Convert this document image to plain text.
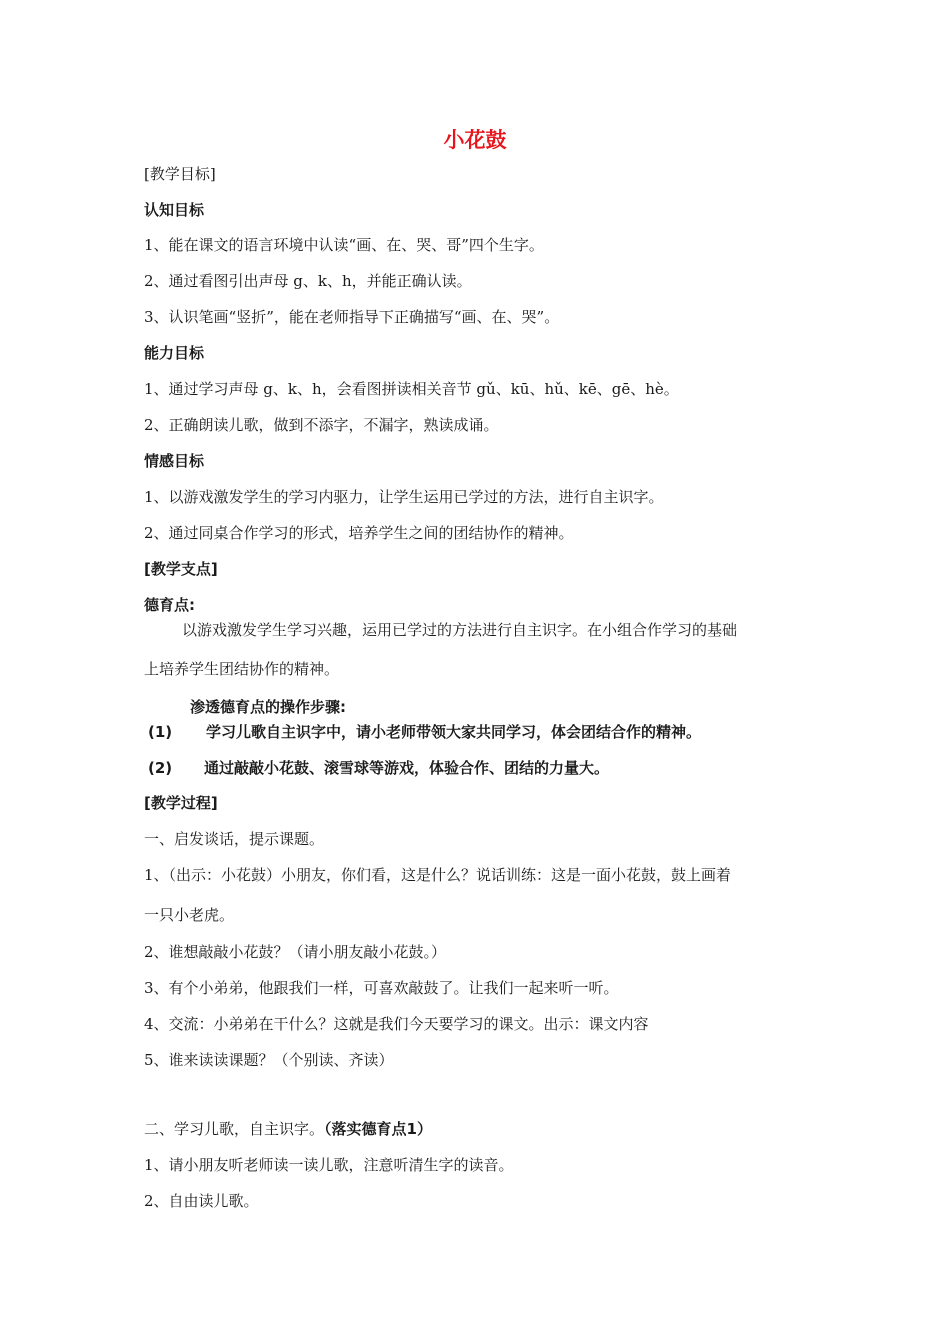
小花鼓
[教学目标]
认知目标
1、能在课文的语言环境中认读“画、在、哭、哥”四个生字。
2、通过看图引出声母 g、k、h，并能正确认读。
3、认识笔画“竖折”，能在老师指导下正确描写“画、在、哭”。
能力目标
1、通过学习声母 g、k、h，会看图拼读相关音节 gǔ、kū、hǔ、kē、gē、hè。
2、正确朗读儿歌，做到不添字，不漏字，熟读成诵。
情感目标
1、以游戏激发学生的学习内驱力，让学生运用已学过的方法，进行自主识字。
2、通过同桌合作学习的形式，培养学生之间的团结协作的精神。
[教学支点]
德育点:
以游戏激发学生学习兴趣，运用已学过的方法进行自主识字。在小组合作学习的基础
上培养学生团结协作的精神。
渗透德育点的操作步骤:
(1) 学习儿歌自主识字中，请小老师带领大家共同学习，体会团结合作的精神。
(2) 通过敲敲小花鼓、滚雪球等游戏，体验合作、团结的力量大。
[教学过程]
一、启发谈话，提示课题。
1、（出示：小花鼓）小朋友，你们看，这是什么？说话训练：这是一面小花鼓，鼓上画着
一只小老虎。
2、谁想敲敲小花鼓？（请小朋友敲小花鼓。）
3、有个小弟弟，他跟我们一样，可喜欢敲鼓了。让我们一起来听一听。
4、交流：小弟弟在干什么？这就是我们今天要学习的课文。出示：课文内容
5、谁来读读课题？（个别读、齐读）
二、学习儿歌，自主识字。（落实德育点1）
1、请小朋友听老师读一读儿歌，注意听清生字的读音。
2、自由读儿歌。
